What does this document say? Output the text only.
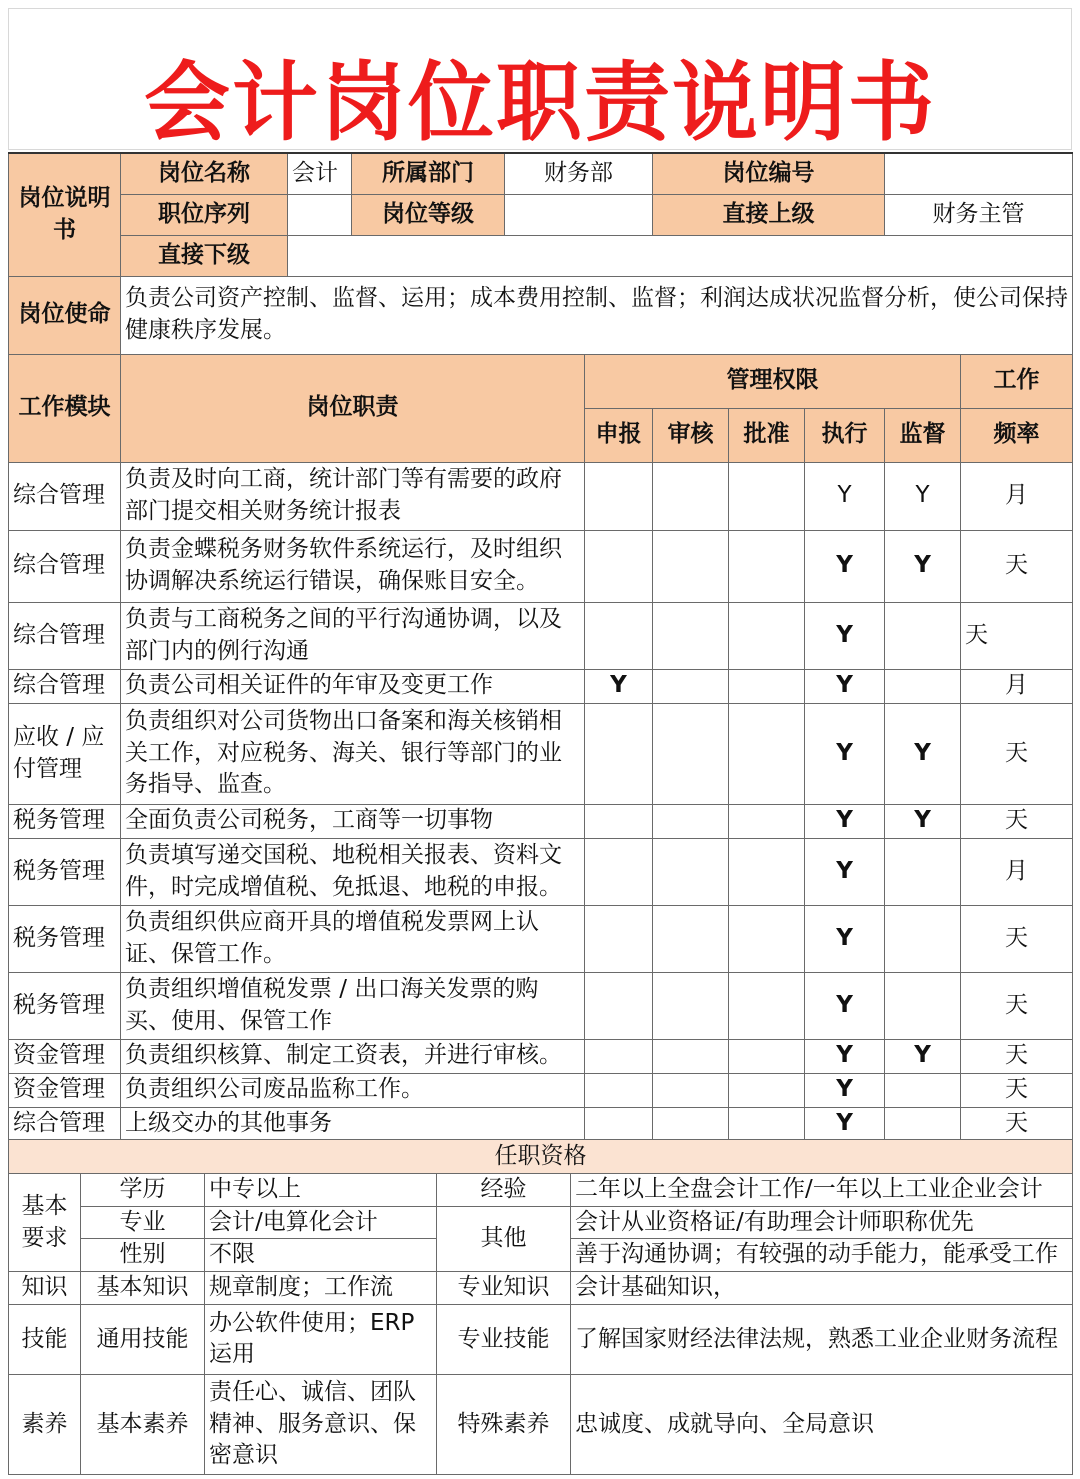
会计岗位职责说明书
岗位说明书	岗位名称	会计	所属部门	财务部		岗位编号				
	职位序列		岗位等级			直接上级			财务主管	
	直接下级									
岗位使命	负责公司资产控制、监督、运用；成本费用控制、监督；利润达成状况监督分析，使公司保持健康秩序发展。									
工作模块	岗位职责				管理权限					工作
					申报	审核	批准	执行	监督	频率
综合管理	负责及时向工商，统计部门等有需要的政府部门提交相关财务统计报表							Y	Y	月
综合管理	负责金蝶税务财务软件系统运行，及时组织协调解决系统运行错误，确保账目安全。							Y	Y	天
综合管理	负责与工商税务之间的平行沟通协调，以及部门内的例行沟通							Y		天
综合管理	负责公司相关证件的年审及变更工作				Y			Y		月
应收 / 应付管理	负责组织对公司货物出口备案和海关核销相关工作，对应税务、海关、银行等部门的业务指导、监查。							Y	Y	天
税务管理	全面负责公司税务，工商等一切事物							Y	Y	天
税务管理	负责填写递交国税、地税相关报表、资料文件，时完成增值税、免抵退、地税的申报。							Y		月
税务管理	负责组织供应商开具的增值税发票网上认证、保管工作。							Y		天
税务管理	负责组织增值税发票 / 出口海关发票的购买、使用、保管工作							Y		天
资金管理	负责组织核算、制定工资表，并进行审核。							Y	Y	天
资金管理	负责组织公司废品监称工作。							Y		天
综合管理	上级交办的其他事务							Y		天
任职资格				
基本要求	学历	中专以上	经验	二年以上全盘会计工作/一年以上工业企业会计
	专业	会计/电算化会计	其他	会计从业资格证/有助理会计师职称优先
	性别	不限		善于沟通协调；有较强的动手能力，能承受工作
知识	基本知识	规章制度；工作流	专业知识	会计基础知识，
技能	通用技能	办公软件使用；ERP运用	专业技能	了解国家财经法律法规，熟悉工业企业财务流程
素养	基本素养	责任心、诚信、团队精神、服务意识、保密意识	特殊素养	忠诚度、成就导向、全局意识
